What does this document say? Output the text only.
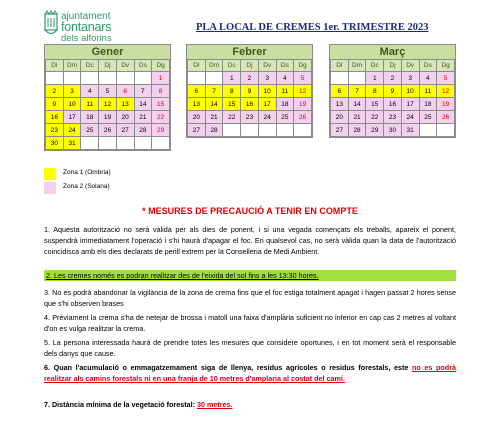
ajuntament
fontanars
dels alforins
PLA LOCAL DE CREMES 1er. TRIMESTRE 2023
Gener
Dl	Dm	Dc	Dj	Dv	Ds	Dg
						1
2	3	4	5	6	7	8
9	10	11	12	13	14	15
16	17	18	19	20	21	22
23	24	25	26	27	28	29
30	31					
Febrer
Dl	Dm	Dc	Dj	Dv	Ds	Dg
		1	2	3	4	5
6	7	8	9	10	11	12
13	14	15	16	17	18	19
20	21	22	23	24	25	26
27	28					
Març
Dl	Dm	Dc	Dj	Dv	Ds	Dg
		1	2	3	4	5
6	7	8	9	10	11	12
13	14	15	16	17	18	19
20	21	22	23	24	25	26
27	28	29	30	31		
Zona 1 (Ombria)
Zona 2 (Solana)
* MESURES DE PRECAUCIÓ A TENIR EN COMPTE

1. Aquesta autorització no serà vàlida per als dies de ponent, i si una vegada començats els treballs, apareix el ponent, suspendrà immediatament l'operació i s'hi haurà d'apagar el foc. En qualsevol cas, no serà vàlida quan la data de l'autorització coincidisca amb els dies declarats de perill extrem per la Conselleria de Medi Ambient.

2. Les cremes només es podran realitzar des de l'eixida del sol fins a les 13:30 hores.

3. No es podrà abandonar la vigilància de la zona de crema fins que el foc estiga totalment apagat i hagen passat 2 hores sense que s'hi observen brases

4. Prèviament la crema s'ha de netejar de brossa i matoll una faixa d'amplària suficient no inferior en cap cas 2 metres al voltant d'on es vulga realitzar la crema.

5. La persona interessada haurà de prendre totes les mesures que considere oportunes, i en tot moment serà el responsable dels danys que cause.

6. Quan l'acumulació o emmagatzemament siga de llenya, residus agrícoles o residus forestals, este no es podrà realitzar als camins forestals ni en una franja de 10 metres d'amplaria al costat del camí.

7. Distància mínima de la vegetació forestal: 30 metres.
